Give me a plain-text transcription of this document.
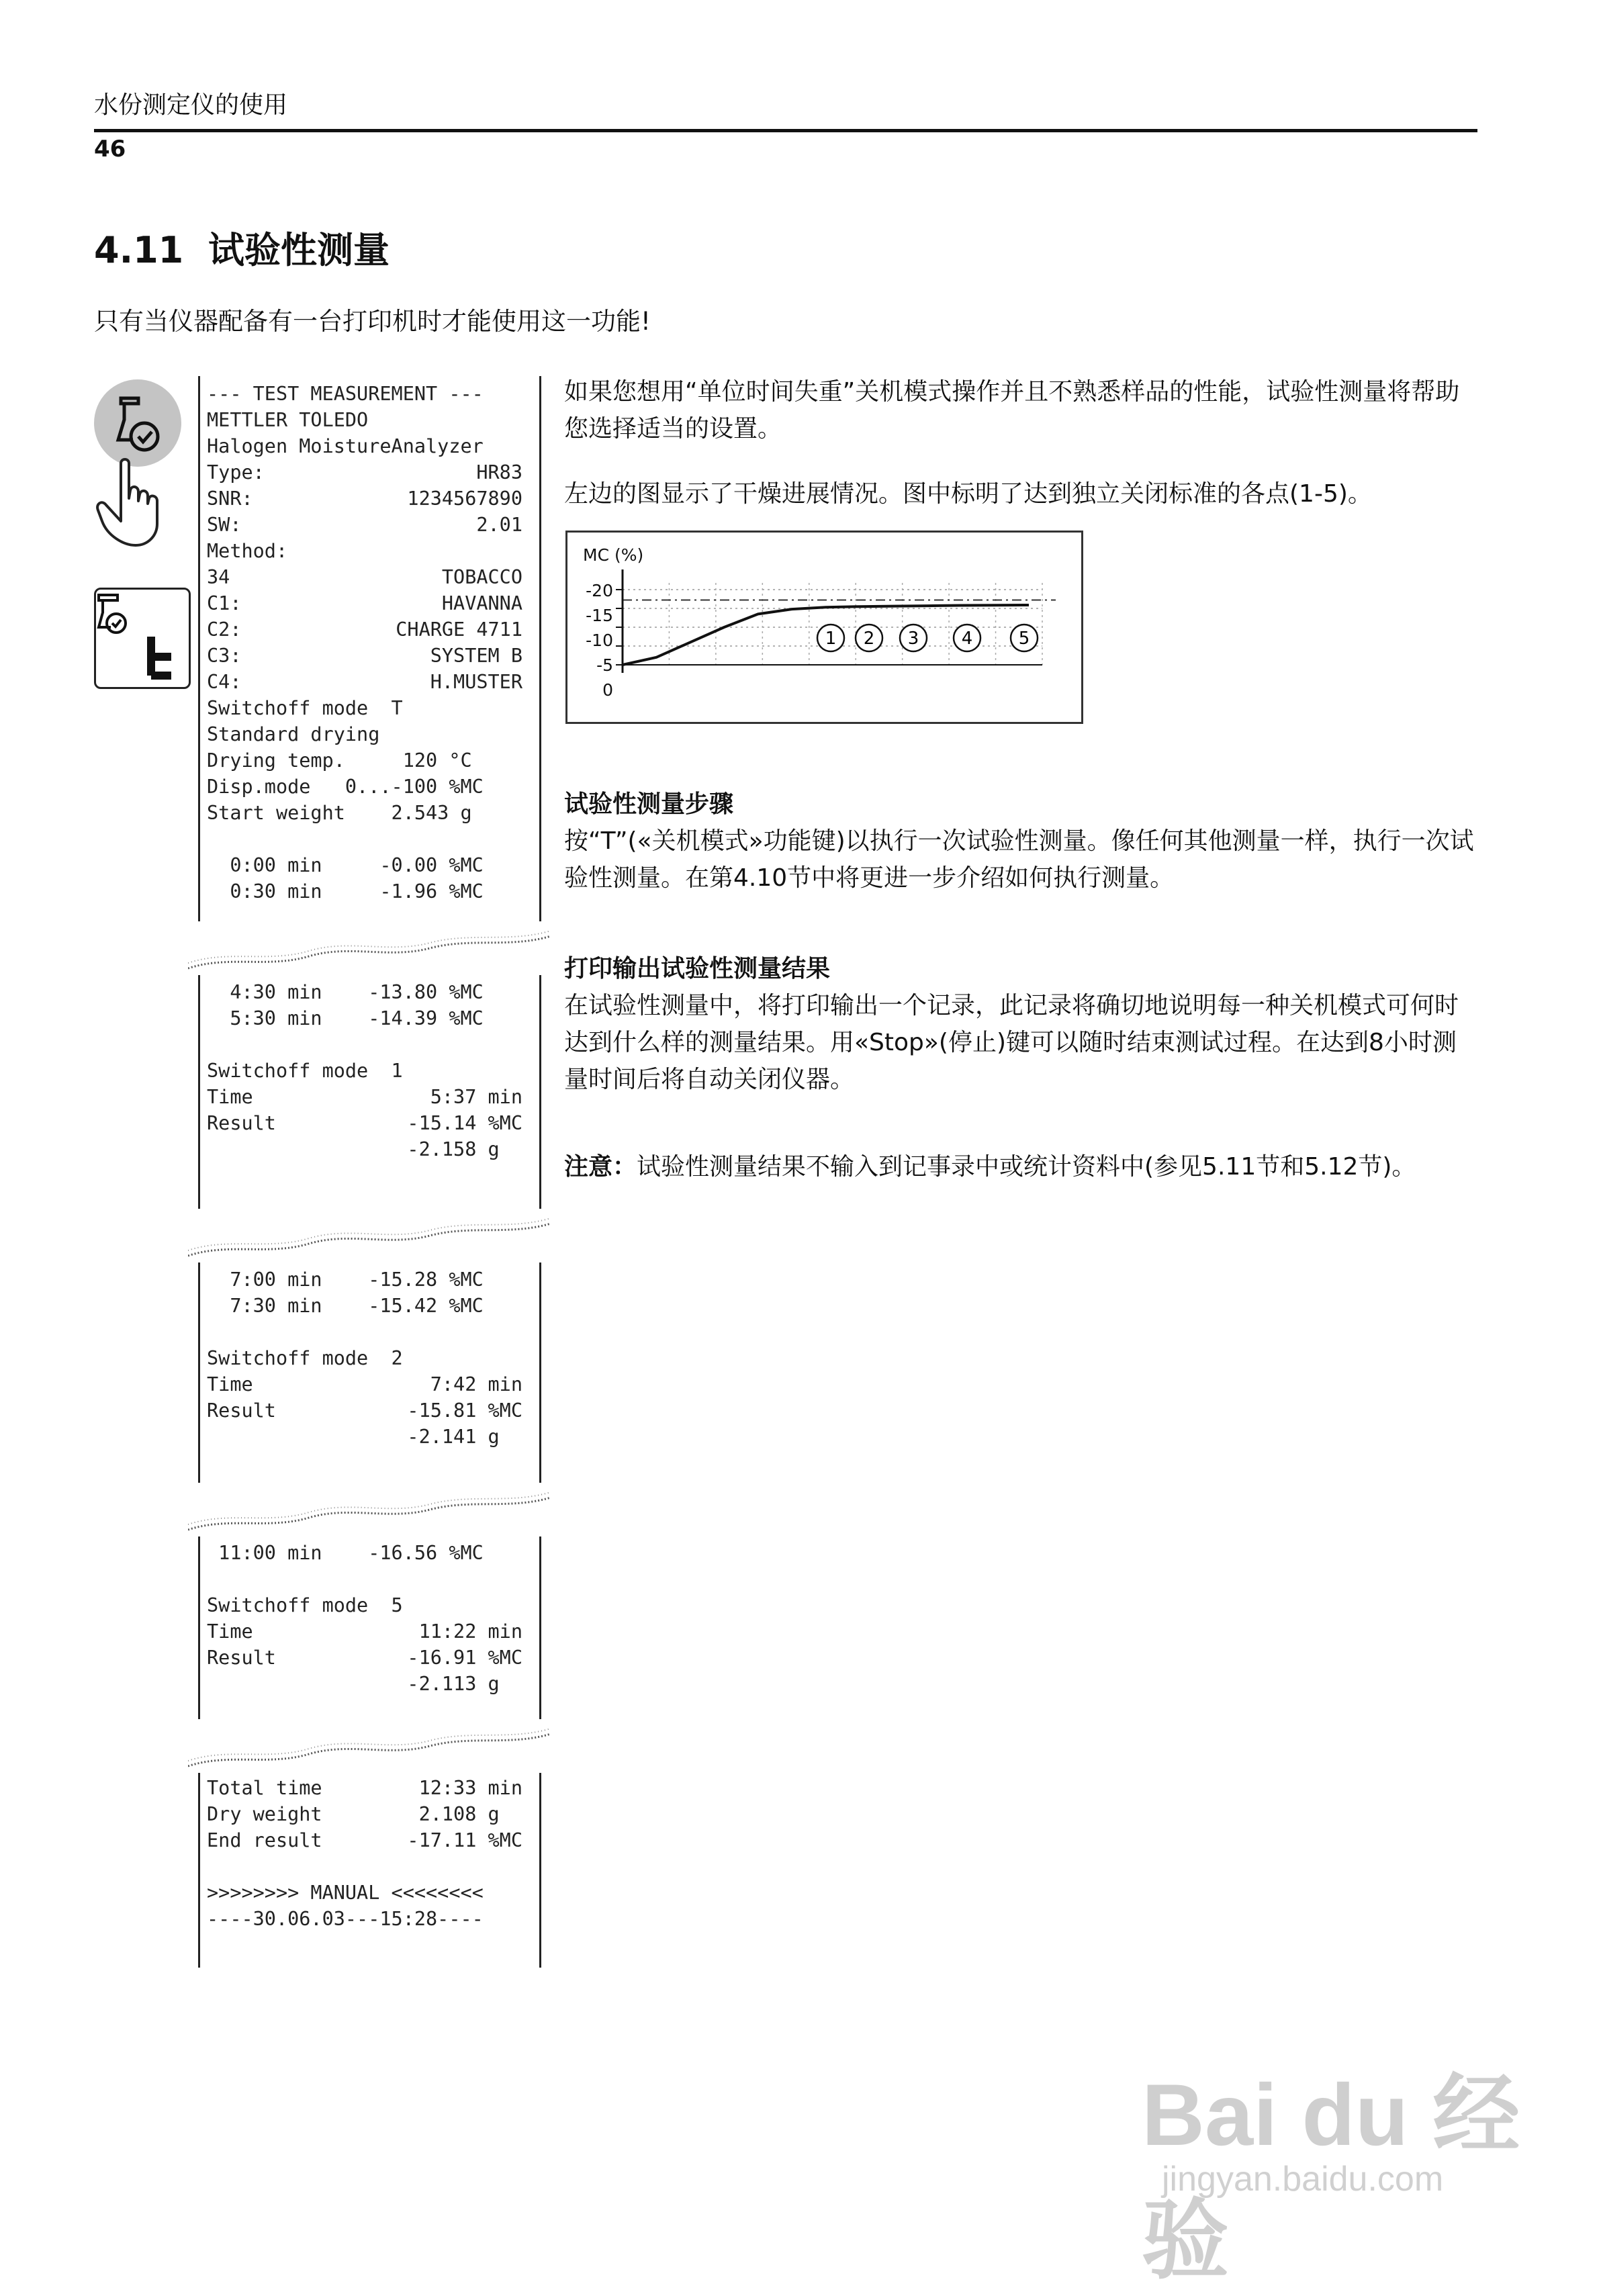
水份测定仪的使用
46
4.11 试验性测量
只有当仪器配备有一台打印机时才能使用这一功能!
--- TEST MEASUREMENT ---
METTLER TOLEDO
Halogen MoistureAnalyzer
Type:	HR83
SNR:	1234567890
SW:	2.01
Method:
34	TOBACCO
C1:	HAVANNA
C2:	CHARGE 4711
C3:	SYSTEM B
C4:	H.MUSTER
Switchoff mode  T
Standard drying
Drying temp.     120 °C
Disp.mode   0...-100 %MC
Start weight    2.543 g
0:00 min     -0.00 %MC
0:30 min     -1.96 %MC
4:30 min    -13.80 %MC
5:30 min    -14.39 %MC
Switchoff mode  1
Time	5:37 min
Result	-15.14 %MC
-2.158 g
7:00 min    -15.28 %MC
7:30 min    -15.42 %MC
Switchoff mode  2
Time	7:42 min
Result	-15.81 %MC
-2.141 g
11:00 min    -16.56 %MC
Switchoff mode  5
Time	11:22 min
Result	-16.91 %MC
-2.113 g
Total time	12:33 min
Dry weight	2.108 g
End result	-17.11 %MC
>>>>>>>> MANUAL <<<<<<<<
----30.06.03---15:28----
如果您想用“单位时间失重”关机模式操作并且不熟悉样品的性能，试验性测量将帮助您选择适当的设置。
左边的图显示了干燥进展情况。图中标明了达到独立关闭标准的各点(1-5)。
MC (%)
-20
-15
-10
-5
0
1 2 3 4	5
试验性测量步骤
按“T”(«关机模式»功能键)以执行一次试验性测量。像任何其他测量一样，执行一次试验性测量。在第4.10节中将更进一步介绍如何执行测量。
打印输出试验性测量结果
在试验性测量中，将打印输出一个记录，此记录将确切地说明每一种关机模式可何时达到什么样的测量结果。用«Stop»(停止)键可以随时结束测试过程。在达到8小时测量时间后将自动关闭仪器。
注意：试验性测量结果不输入到记事录中或统计资料中(参见5.11节和5.12节)。
Bai du 经验
jingyan.baidu.com
